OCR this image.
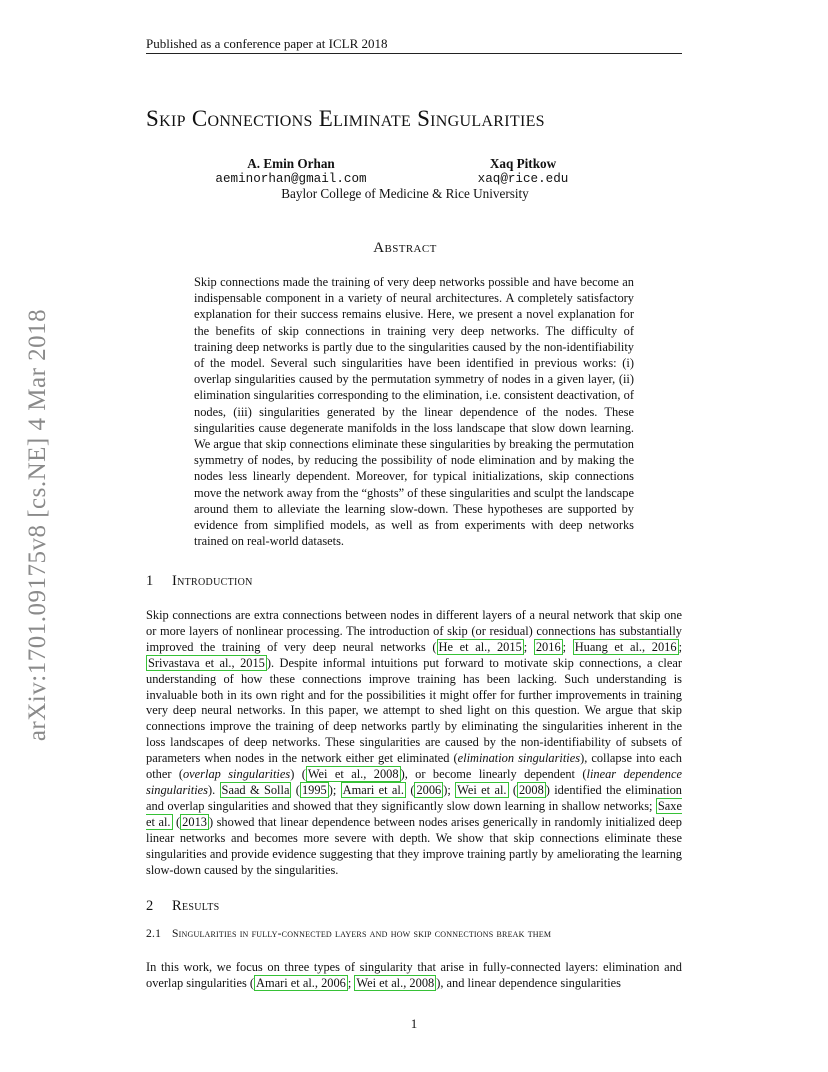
Published as a conference paper at ICLR 2018
arXiv:1701.09175v8 [cs.NE] 4 Mar 2018
Skip Connections Eliminate Singularities
A. Emin Orhan
aeminorhan@gmail.com
Xaq Pitkow
xaq@rice.edu
Baylor College of Medicine & Rice University
Abstract
Skip connections made the training of very deep networks possible and have become an indispensable component in a variety of neural architectures. A completely satisfactory explanation for their success remains elusive. Here, we present a novel explanation for the benefits of skip connections in training very deep networks. The difficulty of training deep networks is partly due to the singularities caused by the non-identifiability of the model. Several such singularities have been identified in previous works: (i) overlap singularities caused by the permutation symmetry of nodes in a given layer, (ii) elimination singularities corresponding to the elimination, i.e. consistent deactivation, of nodes, (iii) singularities generated by the linear dependence of the nodes. These singularities cause degenerate manifolds in the loss landscape that slow down learning. We argue that skip connections eliminate these singularities by breaking the permutation symmetry of nodes, by reducing the possibility of node elimination and by making the nodes less linearly dependent. Moreover, for typical initializations, skip connections move the network away from the “ghosts” of these singularities and sculpt the landscape around them to alleviate the learning slow-down. These hypotheses are supported by evidence from simplified models, as well as from experiments with deep networks trained on real-world datasets.
1 Introduction
Skip connections are extra connections between nodes in different layers of a neural network that skip one or more layers of nonlinear processing. The introduction of skip (or residual) connections has substantially improved the training of very deep neural networks ( He et al., 2015 ; 2016 ; Huang et al., 2016 ; Srivastava et al., 2015 ). Despite informal intuitions put forward to motivate skip connections, a clear understanding of how these connections improve training has been lacking. Such understanding is invaluable both in its own right and for the possibilities it might offer for further improvements in training very deep neural networks. In this paper, we attempt to shed light on this question. We argue that skip connections improve the training of deep networks partly by eliminating the singularities inherent in the loss landscapes of deep networks. These singularities are caused by the non-identifiability of subsets of parameters when nodes in the network either get eliminated (elimination singularities), collapse into each other (overlap singularities) ( Wei et al., 2008 ), or become linearly dependent (linear dependence singularities). Saad & Solla ( 1995 ); Amari et al. ( 2006 ); Wei et al. ( 2008 ) identified the elimination and overlap singularities and showed that they significantly slow down learning in shallow networks; Saxe et al. ( 2013 ) showed that linear dependence between nodes arises generically in randomly initialized deep linear networks and becomes more severe with depth. We show that skip connections eliminate these singularities and provide evidence suggesting that they improve training partly by ameliorating the learning slow-down caused by the singularities.
2 Results
2.1 Singularities in fully-connected layers and how skip connections break them
In this work, we focus on three types of singularity that arise in fully-connected layers: elimination and overlap singularities ( Amari et al., 2006 ; Wei et al., 2008 ), and linear dependence singularities
1
